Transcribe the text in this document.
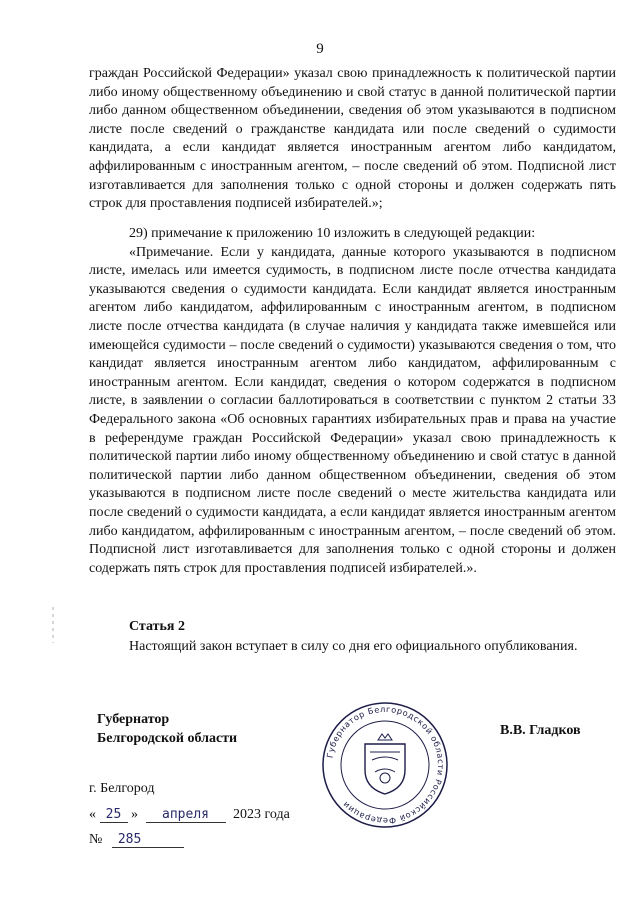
9

граждан Российской Федерации» указал свою принадлежность к политической партии либо иному общественному объединению и свой статус в данной политической партии либо данном общественном объединении, сведения об этом указываются в подписном листе после сведений о гражданстве кандидата или после сведений о судимости кандидата, а если кандидат является иностранным агентом либо кандидатом, аффилированным с иностранным агентом, – после сведений об этом. Подписной лист изготавливается для заполнения только с одной стороны и должен содержать пять строк для проставления подписей избирателей.»;

29) примечание к приложению 10 изложить в следующей редакции:

«Примечание. Если у кандидата, данные которого указываются в подписном листе, имелась или имеется судимость, в подписном листе после отчества кандидата указываются сведения о судимости кандидата. Если кандидат является иностранным агентом либо кандидатом, аффилированным с иностранным агентом, в подписном листе после отчества кандидата (в случае наличия у кандидата также имевшейся или имеющейся судимости – после сведений о судимости) указываются сведения о том, что кандидат является иностранным агентом либо кандидатом, аффилированным с иностранным агентом. Если кандидат, сведения о котором содержатся в подписном листе, в заявлении о согласии баллотироваться в соответствии с пунктом 2 статьи 33 Федерального закона «Об основных гарантиях избирательных прав и права на участие в референдуме граждан Российской Федерации» указал свою принадлежность к политической партии либо иному общественному объединению и свой статус в данной политической партии либо данном общественном объединении, сведения об этом указываются в подписном листе после сведений о месте жительства кандидата или после сведений о судимости кандидата, а если кандидат является иностранным агентом либо кандидатом, аффилированным с иностранным агентом, – после сведений об этом. Подписной лист изготавливается для заполнения только с одной стороны и должен содержать пять строк для проставления подписей избирателей.».

Статья 2

Настоящий закон вступает в силу со дня его официального опубликования.

Губернатор
Белгородской области
В.В. Гладков
Губернатор Белгородской области Российской Федерации
г. Белгород
« 25 » апреля 2023 года
№ 285
